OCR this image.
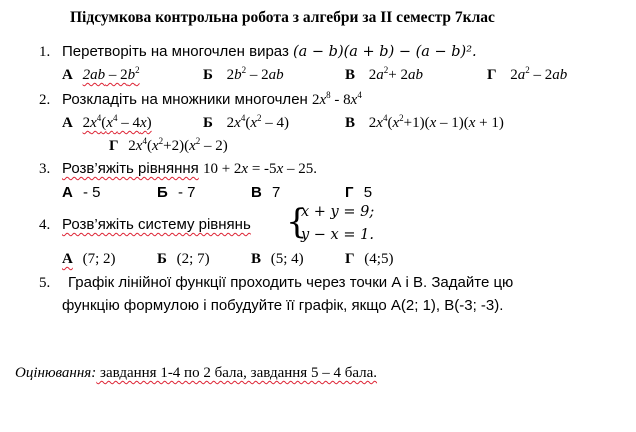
Підсумкова контрольна робота з алгебри за ІІ семестр 7клас
1. Перетворіть на многочлен вираз (a − b)(a + b) − (a − b)².
А $2ab - 2b^2$	Б $2b^2 - 2ab$	В $2a^2+ 2ab$	Г $2a^2 - 2ab$
2. Розкладіть на множники многочлен $2x^8 - 8x^4$
А $2x^4(x^4 - 4x)$	Б $2x^4(x^2 - 4)$	В $2x^4(x^2+1)(x - 1)(x + 1)$
Г $2x^4(x^2+2)(x^2 - 2)$
3. Розв’яжіть рівняння 10 + 2x = -5x – 25.
А - 5	Б - 7	В 7	Г 5
4. Розв’яжіть систему рівнянь {
x + y = 9;
y − x = 1.
А (7; 2)	Б (2; 7)	В (5; 4)	Г (4;5)
5. Графік лінійної функції проходить через точки А і В. Задайте цю
функцію формулою і побудуйте її графік, якщо А(2; 1), В(-3; -3).
Оцінювання: завдання 1-4 по 2 бала, завдання 5 – 4 бала.
